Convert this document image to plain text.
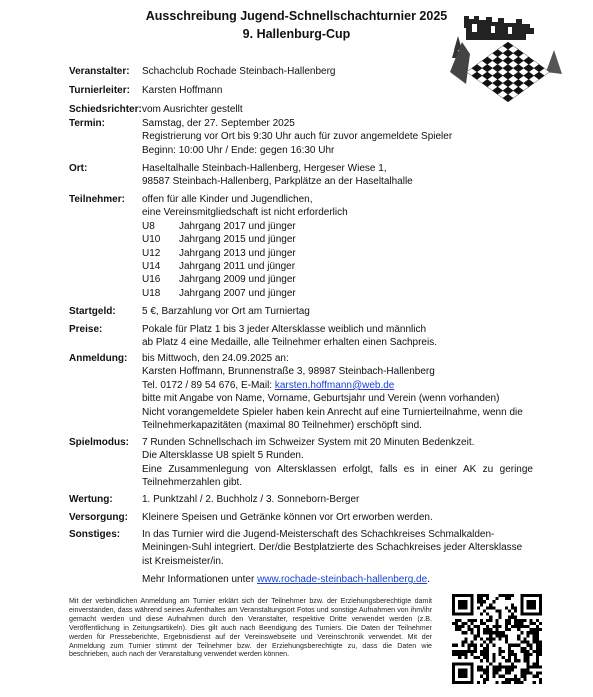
Ausschreibung Jugend-Schnellschachturnier 2025
9. Hallenburg-Cup
Veranstalter: Schachclub Rochade Steinbach-Hallenberg
Turnierleiter: Karsten Hoffmann
Schiedsrichter: vom Ausrichter gestellt
Termin:	Samstag, der 27. September 2025
Registrierung vor Ort bis 9:30 Uhr auch für zuvor angemeldete Spieler
Beginn: 10:00 Uhr / Ende: gegen 16:30 Uhr
Ort:	Haseltalhalle Steinbach-Hallenberg, Hergeser Wiese 1,
98587 Steinbach-Hallenberg, Parkplätze an der Haseltalhalle
Teilnehmer: offen für alle Kinder und Jugendlichen,
eine Vereinsmitgliedschaft ist nicht erforderlich
U8 Jahrgang 2017 und jünger
U10 Jahrgang 2015 und jünger
U12 Jahrgang 2013 und jünger
U14 Jahrgang 2011 und jünger
U16 Jahrgang 2009 und jünger
U18 Jahrgang 2007 und jünger
Startgeld:	5 €, Barzahlung vor Ort am Turniertag
Preise:	Pokale für Platz 1 bis 3 jeder Altersklasse weiblich und männlich
ab Platz 4 eine Medaille, alle Teilnehmer erhalten einen Sachpreis.
Anmeldung: bis Mittwoch, den 24.09.2025 an:
Karsten Hoffmann, Brunnenstraße 3, 98987 Steinbach-Hallenberg
Tel. 0172 / 89 54 676, E-Mail: karsten.hoffmann@web.de
bitte mit Angabe von Name, Vorname, Geburtsjahr und Verein (wenn vorhanden)
Nicht vorangemeldete Spieler haben kein Anrecht auf eine Turnierteilnahme, wenn die Teilnehmerkapazitäten (maximal 80 Teilnehmer) erschöpft sind.
Spielmodus: 7 Runden Schnellschach im Schweizer System mit 20 Minuten Bedenkzeit.
Die Altersklasse U8 spielt 5 Runden.
Eine Zusammenlegung von Altersklassen erfolgt, falls es in einer AK zu geringe Teilnehmerzahlen gibt.
Wertung:	1. Punktzahl / 2. Buchholz / 3. Sonneborn-Berger
Versorgung: Kleinere Speisen und Getränke können vor Ort erworben werden.
Sonstiges: In das Turnier wird die Jugend-Meisterschaft des Schachkreises Schmalkalden-Meiningen-Suhl integriert. Der/die Bestplatzierte des Schachkreises jeder Altersklasse ist Kreismeister/in.
Mehr Informationen unter www.rochade-steinbach-hallenberg.de.
Mit der verbindlichen Anmeldung am Turnier erklärt sich der Teilnehmer bzw. der Erziehungsberechtigte damit einverstanden, dass während seines Aufenthaltes am Veranstaltungsort Fotos und sonstige Aufnahmen von ihm/ihr gemacht werden und diese Aufnahmen durch den Veranstalter, respektive Dritte verwendet werden (z.B. Veröffentlichung in Zeitungsartikeln). Dies gilt auch nach Beendigung des Turniers. Die Daten der Teilnehmer werden für Presseberichte, Ergebnisdienst auf der Vereinswebseite und Vereinschronik verwendet. Mit der Anmeldung zum Turnier stimmt der Teilnehmer bzw. der Erziehungsberechtigte zu, dass die Daten wie beschrieben, auch nach der Veranstaltung verwendet werden können.
